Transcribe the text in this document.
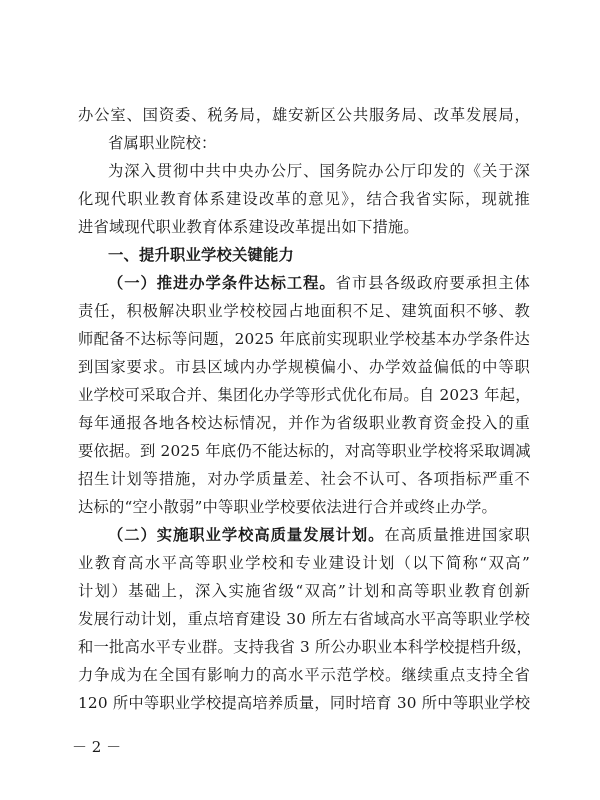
办公室、国资委、税务局，雄安新区公共服务局、改革发展局，
省属职业院校：
为深入贯彻中共中央办公厅、国务院办公厅印发的《关于深
化现代职业教育体系建设改革的意见》，结合我省实际，现就推
进省域现代职业教育体系建设改革提出如下措施。
一、提升职业学校关键能力
（一）推进办学条件达标工程。省市县各级政府要承担主体
责任，积极解决职业学校校园占地面积不足、建筑面积不够、教
师配备不达标等问题，2025 年底前实现职业学校基本办学条件达
到国家要求。市县区域内办学规模偏小、办学效益偏低的中等职
业学校可采取合并、集团化办学等形式优化布局。自 2023 年起，
每年通报各地各校达标情况，并作为省级职业教育资金投入的重
要依据。到 2025 年底仍不能达标的，对高等职业学校将采取调减
招生计划等措施，对办学质量差、社会不认可、各项指标严重不
达标的“空小散弱”中等职业学校要依法进行合并或终止办学。
（二）实施职业学校高质量发展计划。在高质量推进国家职
业教育高水平高等职业学校和专业建设计划（以下简称“双高”
计划）基础上，深入实施省级“双高”计划和高等职业教育创新
发展行动计划，重点培育建设 30 所左右省域高水平高等职业学校
和一批高水平专业群。支持我省 3 所公办职业本科学校提档升级，
力争成为在全国有影响力的高水平示范学校。继续重点支持全省
120 所中等职业学校提高培养质量，同时培育 30 所中等职业学校
－ 2 －
